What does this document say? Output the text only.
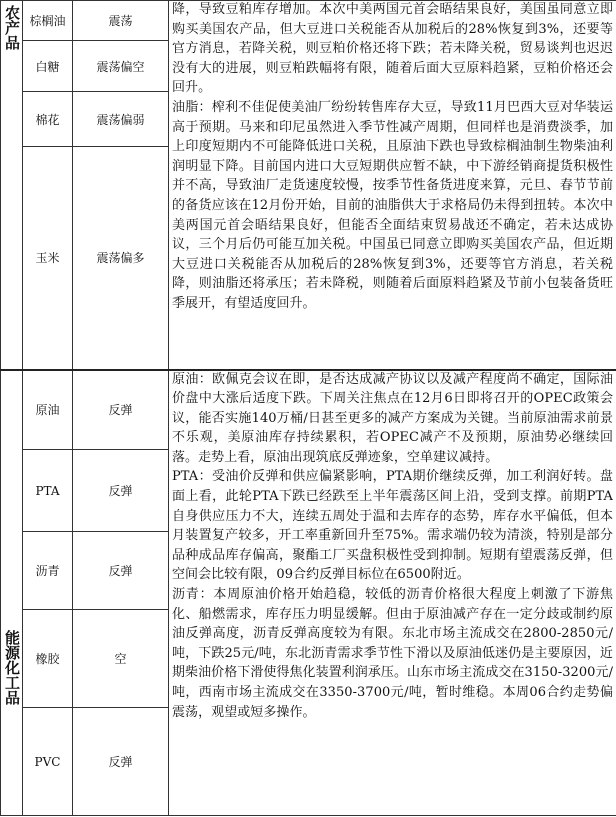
农产品	棕榈油	震荡	降，导致豆粕库存增加。本次中美两国元首会晤结果良好，美国虽同意立即购买美国农产品，但大豆进口关税能否从加税后的28%恢复到3%，还要等官方消息，若降关税，则豆粕价格还将下跌；若未降关税，贸易谈判也迟迟没有大的进展，则豆粕跌幅将有限，随着后面大豆原料趋紧，豆粕价格还会回升。

油脂：榨利不佳促使美油厂纷纷转售库存大豆，导致11月巴西大豆对华装运高于预期。马来和印尼虽然进入季节性减产周期，但同样也是消费淡季，加上印度短期内不可能降低进口关税，且原油下跌也导致棕榈油制生物柴油利润明显下降。目前国内进口大豆短期供应暂不缺，中下游经销商提货积极性并不高，导致油厂走货速度较慢，按季节性备货进度来算，元旦、春节节前的备货应该在12月份开始，目前的油脂供大于求格局仍未得到扭转。本次中美两国元首会晤结果良好，但能否全面结束贸易战还不确定，若未达成协议，三个月后仍可能互加关税。中国虽已同意立即购买美国农产品，但近期大豆进口关税能否从加税后的28%恢复到3%，还要等官方消息，若关税降，则油脂还将承压；若未降税，则随着后面原料趋紧及节前小包装备货旺季展开，有望适度回升。

	白糖	震荡偏空	
	棉花	震荡偏弱	
	玉米	震荡偏多	

能源化工品	原油	反弹	原油：欧佩克会议在即，是否达成减产协议以及减产程度尚不确定，国际油价盘中大涨后适度下跌。下周关注焦点在12月6日即将召开的OPEC政策会议，能否实施140万桶/日甚至更多的减产方案成为关键。当前原油需求前景不乐观，美原油库存持续累积，若OPEC减产不及预期，原油势必继续回落。走势上看，原油出现筑底反弹迹象，空单建议减持。

PTA：受油价反弹和供应偏紧影响，PTA期价继续反弹，加工利润好转。盘面上看，此轮PTA下跌已经跌至上半年震荡区间上沿，受到支撑。前期PTA自身供应压力不大，连续五周处于温和去库存的态势，库存水平偏低，但本月装置复产较多，开工率重新回升至75%。需求端仍较为清淡，特别是部分品种成品库存偏高，聚酯工厂买盘积极性受到抑制。短期有望震荡反弹，但空间会比较有限，09合约反弹目标位在6500附近。

沥青：本周原油价格开始趋稳，较低的沥青价格很大程度上刺激了下游焦化、船燃需求，库存压力明显缓解。但由于原油减产存在一定分歧或制约原油反弹高度，沥青反弹高度较为有限。东北市场主流成交在2800-2850元/吨，下跌25元/吨，东北沥青需求季节性下滑以及原油低迷仍是主要原因，近期柴油价格下滑使得焦化装置利润承压。山东市场主流成交在3150-3200元/吨，西南市场主流成交在3350-3700元/吨，暂时维稳。本周06合约走势偏震荡，观望或短多操作。

	PTA	反弹	
	沥青	反弹	
	橡胶	空	
	PVC	反弹	
